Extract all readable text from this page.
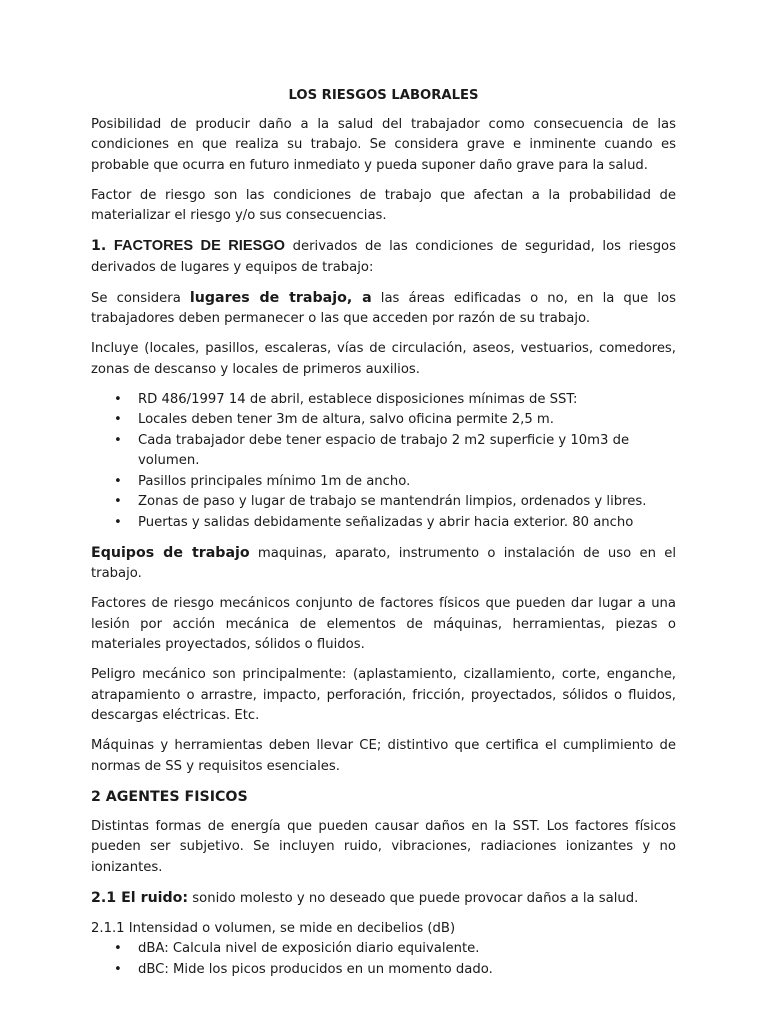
LOS RIESGOS LABORALES

Posibilidad de producir daño a la salud del trabajador como consecuencia de las condiciones en que realiza su trabajo. Se considera grave e inminente cuando es probable que ocurra en futuro inmediato y pueda suponer daño grave para la salud.

Factor de riesgo son las condiciones de trabajo que afectan a la probabilidad de materializar el riesgo y/o sus consecuencias.

1. FACTORES DE RIESGO derivados de las condiciones de seguridad, los riesgos derivados de lugares y equipos de trabajo:

Se considera lugares de trabajo, a las áreas edificadas o no, en la que los trabajadores deben permanecer o las que acceden por razón de su trabajo.

Incluye (locales, pasillos, escaleras, vías de circulación, aseos, vestuarios, comedores, zonas de descanso y locales de primeros auxilios.

• RD 486/1997 14 de abril, establece disposiciones mínimas de SST:
• Locales deben tener 3m de altura, salvo oficina permite 2,5 m.
• Cada trabajador debe tener espacio de trabajo 2 m2 superficie y 10m3 de volumen.
• Pasillos principales mínimo 1m de ancho.
• Zonas de paso y lugar de trabajo se mantendrán limpios, ordenados y libres.
• Puertas y salidas debidamente señalizadas y abrir hacia exterior. 80 ancho

Equipos de trabajo maquinas, aparato, instrumento o instalación de uso en el trabajo.

Factores de riesgo mecánicos conjunto de factores físicos que pueden dar lugar a una lesión por acción mecánica de elementos de máquinas, herramientas, piezas o materiales proyectados, sólidos o fluidos.

Peligro mecánico son principalmente: (aplastamiento, cizallamiento, corte, enganche, atrapamiento o arrastre, impacto, perforación, fricción, proyectados, sólidos o fluidos, descargas eléctricas. Etc.

Máquinas y herramientas deben llevar CE; distintivo que certifica el cumplimiento de normas de SS y requisitos esenciales.

2 AGENTES FISICOS

Distintas formas de energía que pueden causar daños en la SST. Los factores físicos pueden ser subjetivo. Se incluyen ruido, vibraciones, radiaciones ionizantes y no ionizantes.

2.1 El ruido: sonido molesto y no deseado que puede provocar daños a la salud.

2.1.1 Intensidad o volumen, se mide en decibelios (dB)

• dBA: Calcula nivel de exposición diario equivalente.
• dBC: Mide los picos producidos en un momento dado.
